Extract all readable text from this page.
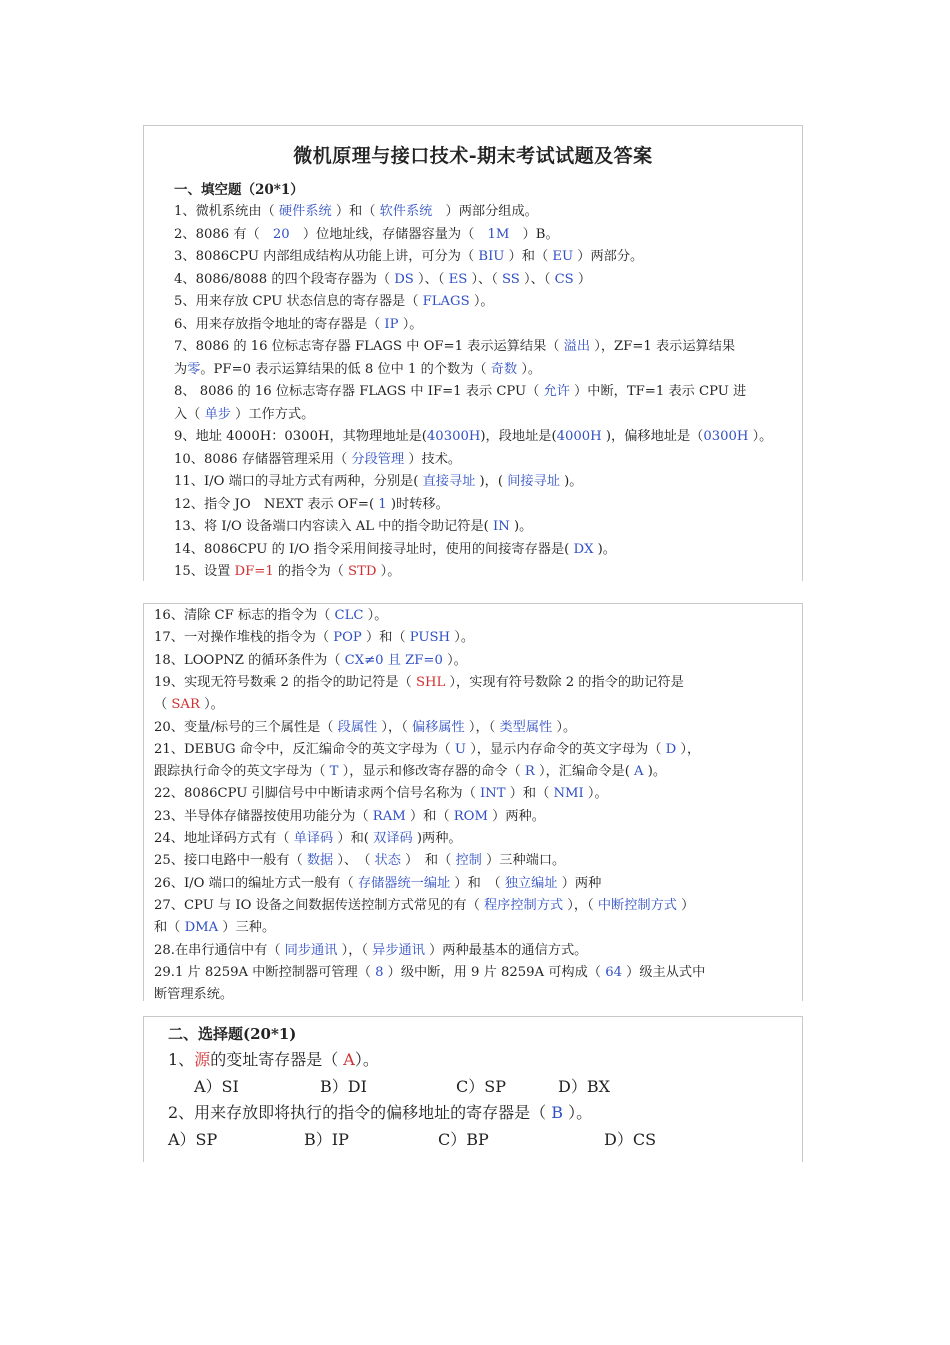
微机原理与接口技术-期末考试试题及答案
一、填空题（20*1）
1、微机系统由（ 硬件系统 ）和（ 软件系统　）两部分组成。
2、8086 有（　20　）位地址线，存储器容量为（　1M　）B。
3、8086CPU 内部组成结构从功能上讲，可分为（ BIU ）和（ EU ）两部分。
4、8086/8088 的四个段寄存器为（ DS ）、（ ES ）、（ SS ）、（ CS ）
5、用来存放 CPU 状态信息的寄存器是（ FLAGS ）。
6、用来存放指令地址的寄存器是（ IP ）。
7、8086 的 16 位标志寄存器 FLAGS 中 OF=1 表示运算结果（ 溢出 ），ZF=1 表示运算结果
为零。PF=0 表示运算结果的低 8 位中 1 的个数为（ 奇数 ）。
8、 8086 的 16 位标志寄存器 FLAGS 中 IF=1 表示 CPU（ 允许 ）中断，TF=1 表示 CPU 进
入（ 单步 ）工作方式。
9、地址 4000H：0300H，其物理地址是(40300H)，段地址是(4000H )，偏移地址是（0300H ）。
10、8086 存储器管理采用（ 分段管理 ）技术。
11、I/O 端口的寻址方式有两种，分别是( 直接寻址 )，( 间接寻址 )。
12、指令 JO　NEXT 表示 OF=( 1 )时转移。
13、将 I/O 设备端口内容读入 AL 中的指令助记符是( IN )。
14、8086CPU 的 I/O 指令采用间接寻址时，使用的间接寄存器是( DX )。
15、设置 DF=1 的指令为（ STD ）。
16、清除 CF 标志的指令为（ CLC ）。
17、一对操作堆栈的指令为（ POP ）和（ PUSH ）。
18、LOOPNZ 的循环条件为（ CX≠0 且 ZF=0 ）。
19、实现无符号数乘 2 的指令的助记符是（ SHL ），实现有符号数除 2 的指令的助记符是
（ SAR ）。
20、变量/标号的三个属性是（ 段属性 ），（ 偏移属性 ），（ 类型属性 ）。
21、DEBUG 命令中，反汇编命令的英文字母为（ U ），显示内存命令的英文字母为（ D ），
跟踪执行命令的英文字母为（ T ），显示和修改寄存器的命令（ R ），汇编命令是( A )。
22、8086CPU 引脚信号中中断请求两个信号名称为（ INT ）和（ NMI ）。
23、半导体存储器按使用功能分为（ RAM ）和（ ROM ）两种。
24、地址译码方式有（ 单译码 ）和( 双译码 )两种。
25、接口电路中一般有（ 数据 ）、　（ 状态 ）　和（ 控制 ）三种端口。
26、I/O 端口的编址方式一般有（ 存储器统一编址 ）和　（ 独立编址 ）两种
27、CPU 与 IO 设备之间数据传送控制方式常见的有（ 程序控制方式 ），（ 中断控制方式 ）
和（ DMA ）三种。
28.在串行通信中有（ 同步通讯 ），（ 异步通讯 ）两种最基本的通信方式。
29.1 片 8259A 中断控制器可管理（ 8 ）级中断，用 9 片 8259A 可构成（ 64 ）级主从式中
断管理系统。
二、选择题(20*1)
1、源的变址寄存器是（ A）。
2、用来存放即将执行的指令的偏移地址的寄存器是（ B ）。
A）SI	B）DI	C）SP	D）BX
A）SP	B）IP	C）BP	D）CS
